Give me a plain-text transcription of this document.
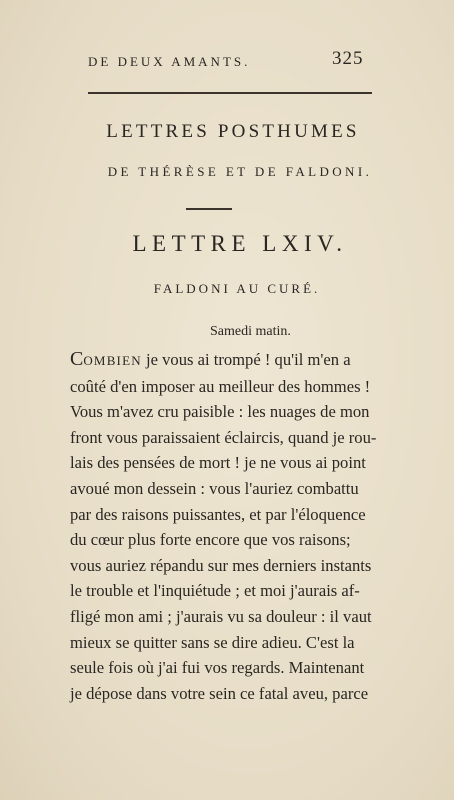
DE DEUX AMANTS.	325
LETTRES POSTHUMES
DE THÉRÈSE ET DE FALDONI.
LETTRE LXIV.
FALDONI AU CURÉ.
Samedi matin.
COMBIEN je vous ai trompé ! qu'il m'en a
coûté d'en imposer au meilleur des hommes !
Vous m'avez cru paisible : les nuages de mon
front vous paraissaient éclaircis, quand je rou-
lais des pensées de mort ! je ne vous ai point
avoué mon dessein : vous l'auriez combattu
par des raisons puissantes, et par l'éloquence
du cœur plus forte encore que vos raisons;
vous auriez répandu sur mes derniers instants
le trouble et l'inquiétude ; et moi j'aurais af-
fligé mon ami ; j'aurais vu sa douleur : il vaut
mieux se quitter sans se dire adieu. C'est la
seule fois où j'ai fui vos regards. Maintenant
je dépose dans votre sein ce fatal aveu, parce
